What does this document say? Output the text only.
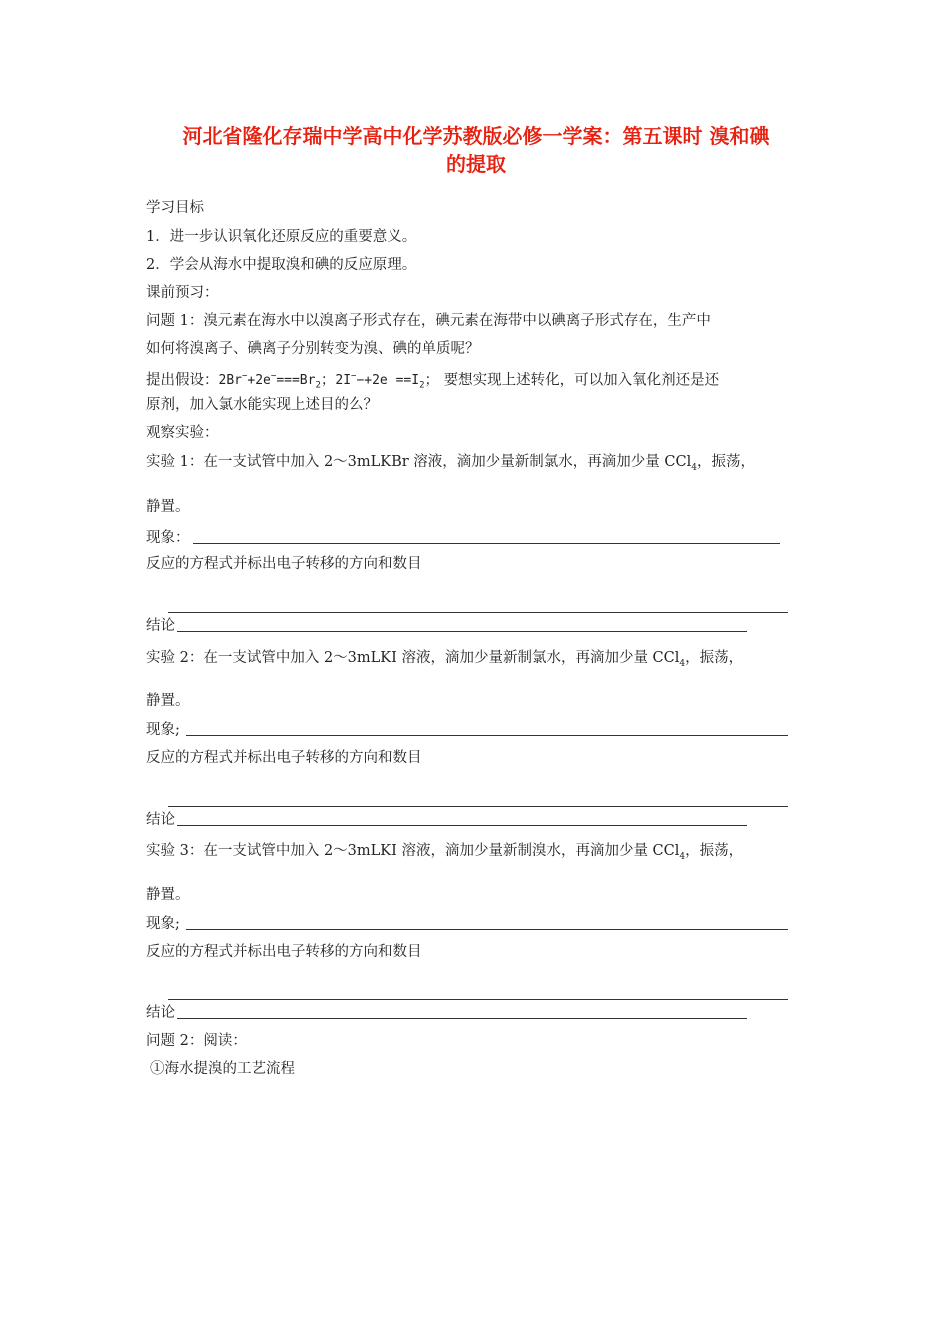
河北省隆化存瑞中学高中化学苏教版必修一学案：第五课时 溴和碘
的提取
学习目标
1．进一步认识氧化还原反应的重要意义。
2．学会从海水中提取溴和碘的反应原理。
课前预习：
问题 1：溴元素在海水中以溴离子形式存在，碘元素在海带中以碘离子形式存在，生产中
如何将溴离子、碘离子分别转变为溴、碘的单质呢？
提出假设：$2Br^-+2e^-===Br_2$；$2I^--+2e ==I_2$； 要想实现上述转化，可以加入氧化剂还是还
原剂，加入氯水能实现上述目的么？
观察实验：
实验 1：在一支试管中加入 2～3mLKBr 溶液，滴加少量新制氯水，再滴加少量 CCl$_4$，振荡，
静置。
现象：
反应的方程式并标出电子转移的方向和数目
结论
实验 2：在一支试管中加入 2～3mLKI 溶液，滴加少量新制氯水，再滴加少量 CCl$_4$，振荡，
静置。
现象;
反应的方程式并标出电子转移的方向和数目
结论
实验 3：在一支试管中加入 2～3mLKI 溶液，滴加少量新制溴水，再滴加少量 CCl$_4$，振荡，
静置。
现象;
反应的方程式并标出电子转移的方向和数目
结论
问题 2：阅读：
①海水提溴的工艺流程
